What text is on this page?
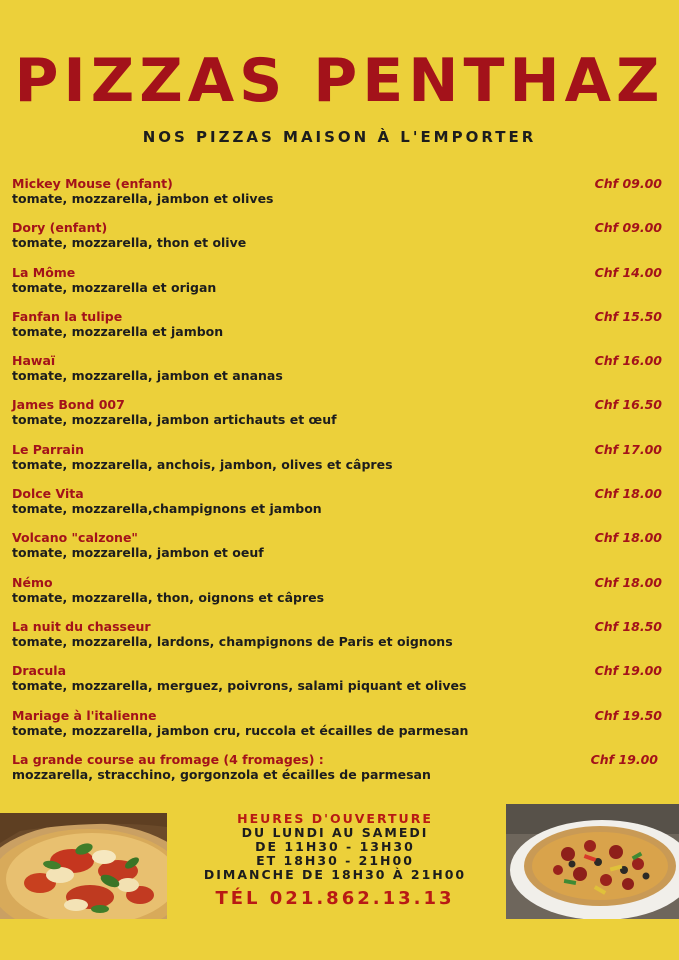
PIZZAS PENTHAZ
NOS PIZZAS MAISON À L'EMPORTER
Mickey Mouse (enfant)
tomate, mozzarella, jambon et olives
Chf 09.00
Dory (enfant)
tomate, mozzarella, thon et olive
Chf 09.00
La Môme
tomate, mozzarella et origan
Chf 14.00
Fanfan la tulipe
tomate, mozzarella et jambon
Chf 15.50
Hawaï
tomate, mozzarella, jambon et ananas
Chf 16.00
James Bond 007
tomate, mozzarella, jambon artichauts et œuf
Chf 16.50
Le Parrain
tomate, mozzarella, anchois, jambon, olives et câpres
Chf 17.00
Dolce Vita
tomate, mozzarella,champignons et jambon
Chf 18.00
Volcano "calzone"
tomate, mozzarella, jambon et oeuf
Chf 18.00
Némo
tomate, mozzarella, thon, oignons et câpres
Chf 18.00
La nuit du chasseur
tomate, mozzarella, lardons, champignons de Paris et oignons
Chf 18.50
Dracula
tomate, mozzarella, merguez, poivrons, salami piquant et olives
Chf 19.00
Mariage à l'italienne
tomate, mozzarella, jambon cru, ruccola et écailles de parmesan
Chf 19.50
La grande course au fromage (4 fromages) :
mozzarella, stracchino, gorgonzola et écailles de parmesan
Chf 19.00
HEURES D'OUVERTURE
DU LUNDI AU SAMEDI
DE 11H30 - 13H30
ET 18H30 - 21H00
DIMANCHE DE 18H30 À 21H00
TÉL 021.862.13.13
